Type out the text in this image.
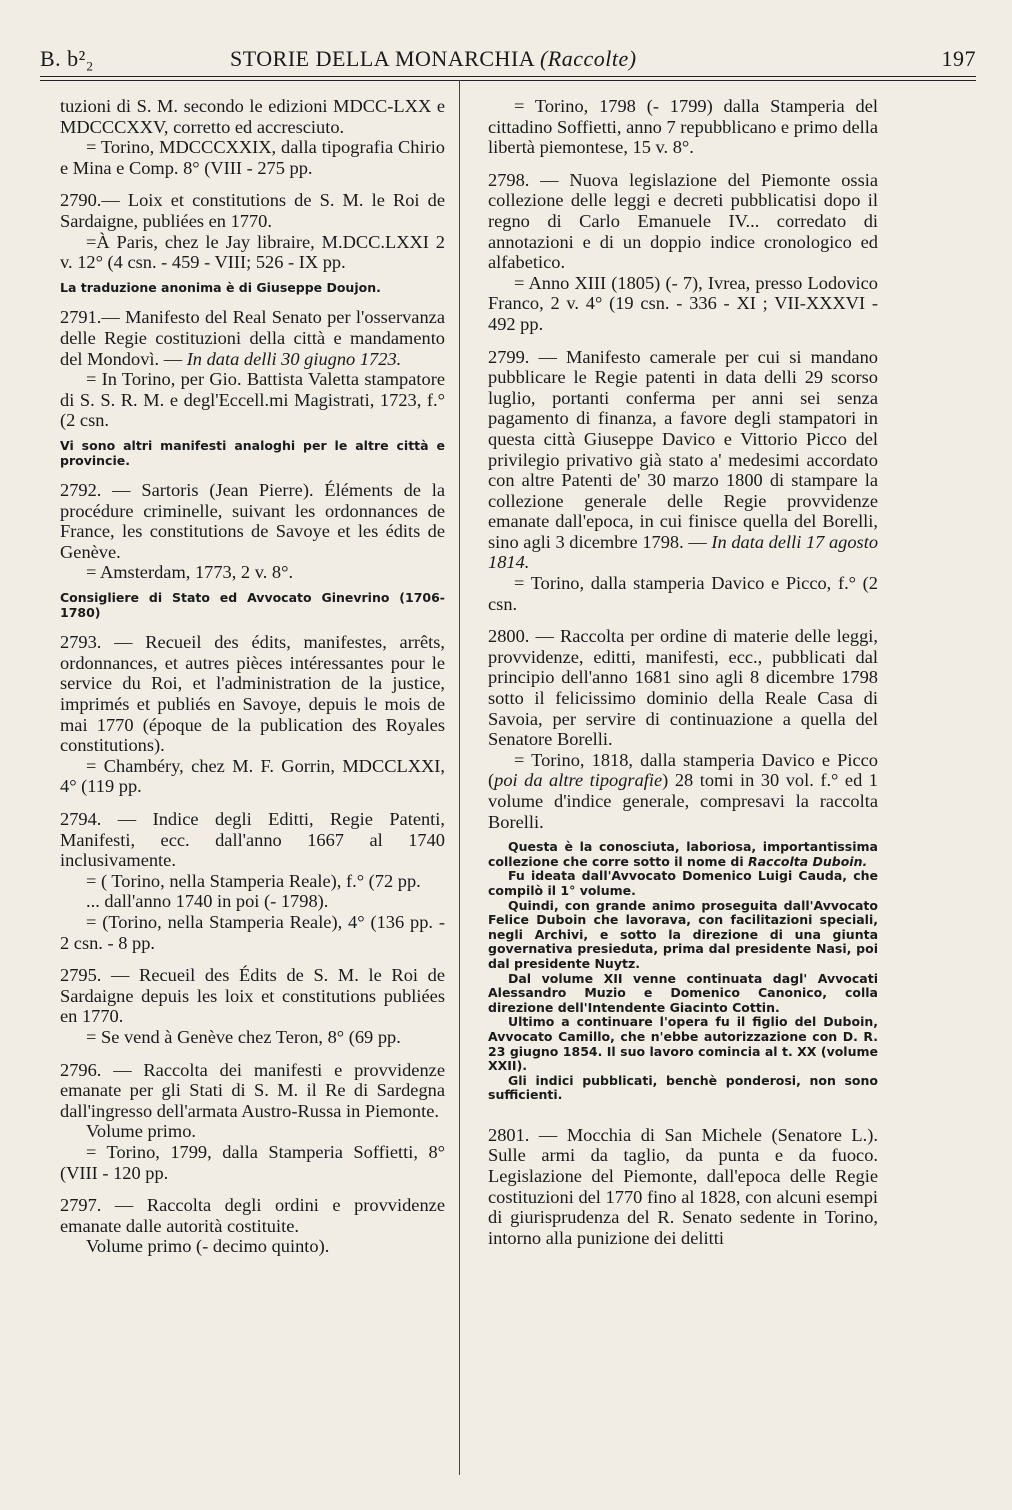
B. b²₂	STORIE DELLA MONARCHIA (Raccolte)	197

tuzioni di S. M. secondo le edizioni MDCC-LXX e MDCCCXXV, corretto ed accresciuto.

= Torino, MDCCCXXIX, dalla tipografia Chirio e Mina e Comp. 8° (VIII - 275 pp.

2790.— Loix et constitutions de S. M. le Roi de Sardaigne, publiées en 1770.

=À Paris, chez le Jay libraire, M.DCC.LXXI 2 v. 12° (4 csn. - 459 - VIII; 526 - IX pp.

La traduzione anonima è di Giuseppe Doujon.

2791.— Manifesto del Real Senato per l'osservanza delle Regie costituzioni della città e mandamento del Mondovì. — In data delli 30 giugno 1723.

= In Torino, per Gio. Battista Valetta stampatore di S. S. R. M. e degl'Eccell.mi Magistrati, 1723, f.° (2 csn.

Vi sono altri manifesti analoghi per le altre città e provincie.

2792. — Sartoris (Jean Pierre). Éléments de la procédure criminelle, suivant les ordonnances de France, les constitutions de Savoye et les édits de Genève.

= Amsterdam, 1773, 2 v. 8°.

Consigliere di Stato ed Avvocato Ginevrino (1706-1780)

2793. — Recueil des édits, manifestes, arrêts, ordonnances, et autres pièces intéressantes pour le service du Roi, et l'administration de la justice, imprimés et publiés en Savoye, depuis le mois de mai 1770 (époque de la publication des Royales constitutions).

= Chambéry, chez M. F. Gorrin, MDCCLXXI, 4° (119 pp.

2794. — Indice degli Editti, Regie Patenti, Manifesti, ecc. dall'anno 1667 al 1740 inclusivamente.

= ( Torino, nella Stamperia Reale), f.° (72 pp.

... dall'anno 1740 in poi (- 1798).

= (Torino, nella Stamperia Reale), 4° (136 pp. - 2 csn. - 8 pp.

2795. — Recueil des Édits de S. M. le Roi de Sardaigne depuis les loix et constitutions publiées en 1770.

= Se vend à Genève chez Teron, 8° (69 pp.

2796. — Raccolta dei manifesti e provvidenze emanate per gli Stati di S. M. il Re di Sardegna dall'ingresso dell'armata Austro-Russa in Piemonte.

Volume primo.

= Torino, 1799, dalla Stamperia Soffietti, 8° (VIII - 120 pp.

2797. — Raccolta degli ordini e provvidenze emanate dalle autorità costituite.

Volume primo (- decimo quinto).

= Torino, 1798 (- 1799) dalla Stamperia del cittadino Soffietti, anno 7 repubblicano e primo della libertà piemontese, 15 v. 8°.

2798. — Nuova legislazione del Piemonte ossia collezione delle leggi e decreti pubblicatisi dopo il regno di Carlo Emanuele IV... corredato di annotazioni e di un doppio indice cronologico ed alfabetico.

= Anno XIII (1805) (- 7), Ivrea, presso Lodovico Franco, 2 v. 4° (19 csn. - 336 - XI ; VII-XXXVI - 492 pp.

2799. — Manifesto camerale per cui si mandano pubblicare le Regie patenti in data delli 29 scorso luglio, portanti conferma per anni sei senza pagamento di finanza, a favore degli stampatori in questa città Giuseppe Davico e Vittorio Picco del privilegio privativo già stato a' medesimi accordato con altre Patenti de' 30 marzo 1800 di stampare la collezione generale delle Regie provvidenze emanate dall'epoca, in cui finisce quella del Borelli, sino agli 3 dicembre 1798. — In data delli 17 agosto 1814.

= Torino, dalla stamperia Davico e Picco, f.° (2 csn.

2800. — Raccolta per ordine di materie delle leggi, provvidenze, editti, manifesti, ecc., pubblicati dal principio dell'anno 1681 sino agli 8 dicembre 1798 sotto il felicissimo dominio della Reale Casa di Savoia, per servire di continuazione a quella del Senatore Borelli.

= Torino, 1818, dalla stamperia Davico e Picco (poi da altre tipografie) 28 tomi in 30 vol. f.° ed 1 volume d'indice generale, compresavi la raccolta Borelli.

Questa è la conosciuta, laboriosa, importantissima collezione che corre sotto il nome di Raccolta Duboin.

Fu ideata dall'Avvocato Domenico Luigi Cauda, che compilò il 1° volume.

Quindi, con grande animo proseguita dall'Avvocato Felice Duboin che lavorava, con facilitazioni speciali, negli Archivi, e sotto la direzione di una giunta governativa presieduta, prima dal presidente Nasi, poi dal presidente Nuytz.

Dal volume XII venne continuata dagl' Avvocati Alessandro Muzio e Domenico Canonico, colla direzione dell'Intendente Giacinto Cottin.

Ultimo a continuare l'opera fu il figlio del Duboin, Avvocato Camillo, che n'ebbe autorizzazione con D. R. 23 giugno 1854. Il suo lavoro comincia al t. XX (volume XXII).

Gli indici pubblicati, benchè ponderosi, non sono sufficienti.

2801. — Mocchia di San Michele (Senatore L.). Sulle armi da taglio, da punta e da fuoco. Legislazione del Piemonte, dall'epoca delle Regie costituzioni del 1770 fino al 1828, con alcuni esempi di giurisprudenza del R. Senato sedente in Torino, intorno alla punizione dei delitti
